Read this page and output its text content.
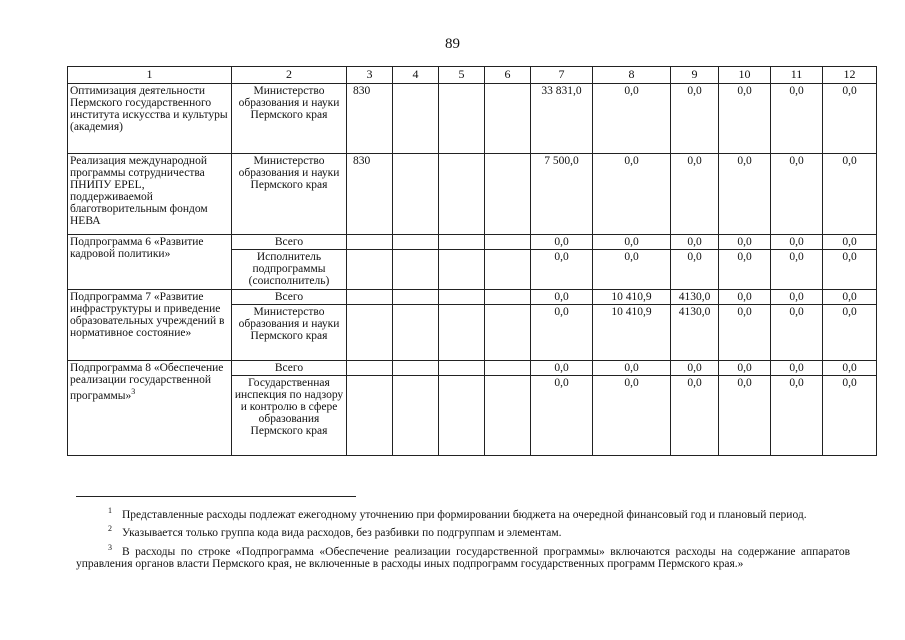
89
1	2	3	4	5	6	7	8	9	10	11	12
Оптимизация деятельности Пермского государственного института искусства и культуры (академия)	Министерство образования и науки Пермского края	830				33 831,0	0,0	0,0	0,0	0,0	0,0
Реализация международной программы сотрудничества ПНИПУ EPEL, поддерживаемой благотворительным фондом НЕВА	Министерство образования и науки Пермского края	830				7 500,0	0,0	0,0	0,0	0,0	0,0
Подпрограмма 6 «Развитие кадровой политики»	Всего					0,0	0,0	0,0	0,0	0,0	0,0
	Исполнитель подпрограммы (соисполнитель)					0,0	0,0	0,0	0,0	0,0	0,0
Подпрограмма 7 «Развитие инфраструктуры и приведение образовательных учреждений в нормативное состояние»	Всего					0,0	10 410,9	4130,0	0,0	0,0	0,0
	Министерство образования и науки Пермского края					0,0	10 410,9	4130,0	0,0	0,0	0,0
Подпрограмма 8 «Обеспечение реализации государственной программы»$^3$	Всего					0,0	0,0	0,0	0,0	0,0	0,0
	Государственная инспекция по надзору и контролю в сфере образования Пермского края					0,0	0,0	0,0	0,0	0,0	0,0

$^1$ Представленные расходы подлежат ежегодному уточнению при формировании бюджета на очередной финансовый год и плановый период.

$^2$ Указывается только группа кода вида расходов, без разбивки по подгруппам и элементам.

$^3$ В расходы по строке «Подпрограмма «Обеспечение реализации государственной программы» включаются расходы на содержание аппаратов управления органов власти Пермского края, не включенные в расходы иных подпрограмм государственных программ Пермского края.»
